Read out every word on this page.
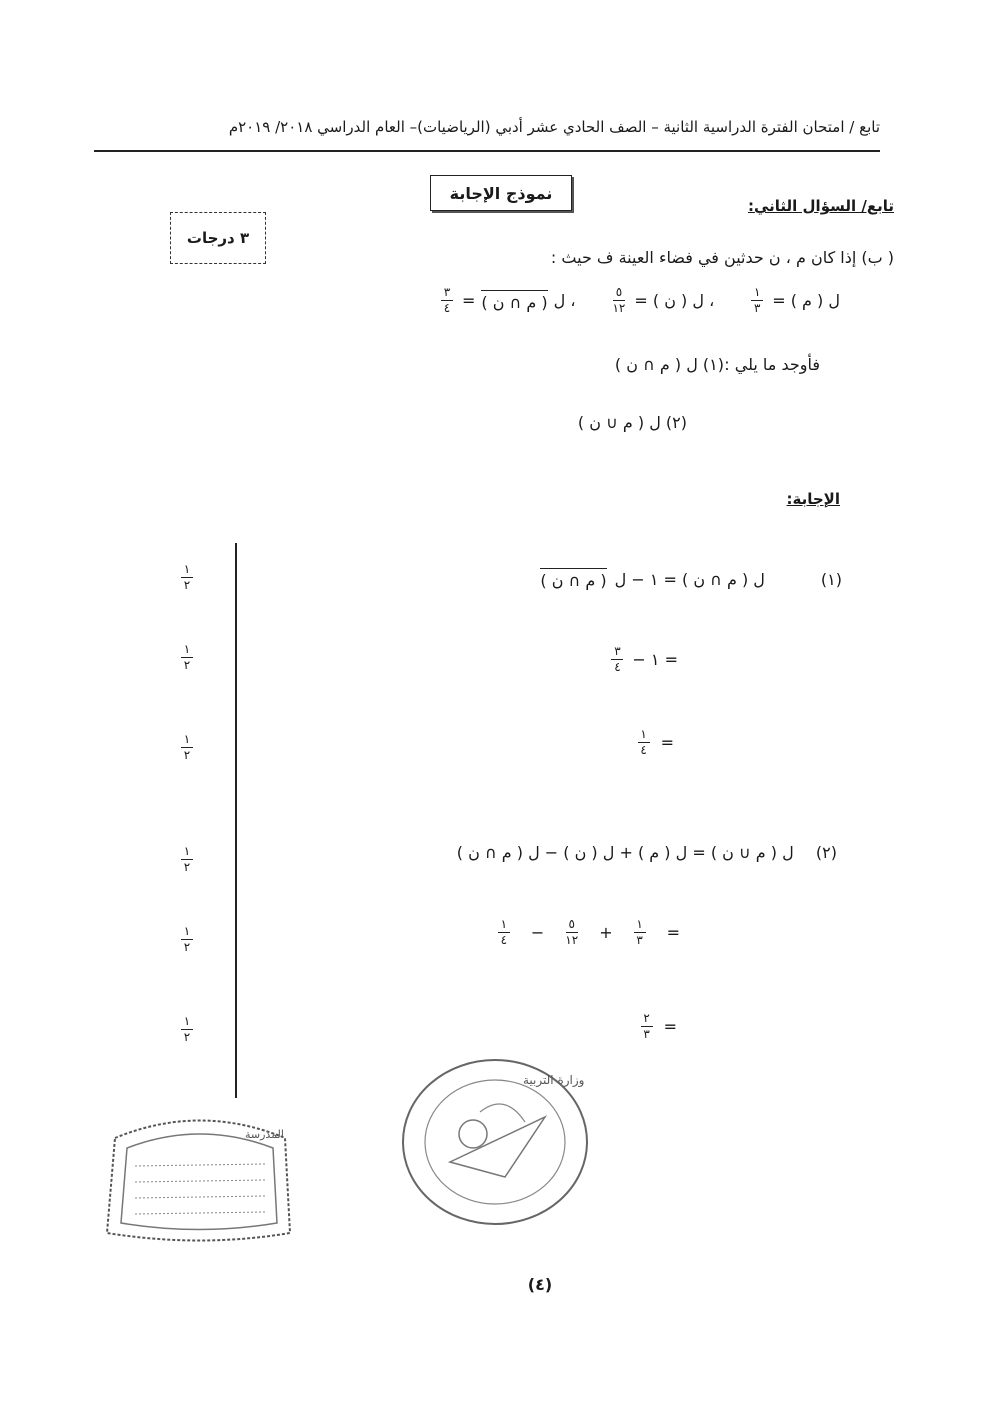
تابع / امتحان الفترة الدراسية الثانية – الصف الحادي عشر أدبي (الرياضيات)– العام الدراسي ٢٠١٨/ ٢٠١٩م
نموذج الإجابة
تابع/ السؤال الثاني:
٣ درجات
( ب) إذا كان م ، ن حدثين في فضاء العينة ف حيث :
ل ( م ) =
$\frac{١}{٣}$
، ل ( ن ) =
$\frac{٥}{١٢}$
، ل
( م ∩ ن )
=
$\frac{٣}{٤}$
فأوجد ما يلي :
(١) ل ( م ∩ ن )
(٢) ل ( م ∪ ن )
الإجابة:
(١)
ل ( م ∩ ن ) = ١ − ل
( م ∩ ن )
= ١ −
$\frac{٣}{٤}$
=
$\frac{١}{٤}$
(٢)  ل ( م ∪ ن ) = ل ( م ) + ل ( ن ) − ل ( م ∩ ن )
=
$\frac{١}{٣}$
+
$\frac{٥}{١٢}$
−
$\frac{١}{٤}$
=
$\frac{٢}{٣}$
$\frac{١}{٢}$
$\frac{١}{٢}$
$\frac{١}{٢}$
$\frac{١}{٢}$
$\frac{١}{٢}$
$\frac{١}{٢}$
المدرسة
وزارة التربية
(٤)
